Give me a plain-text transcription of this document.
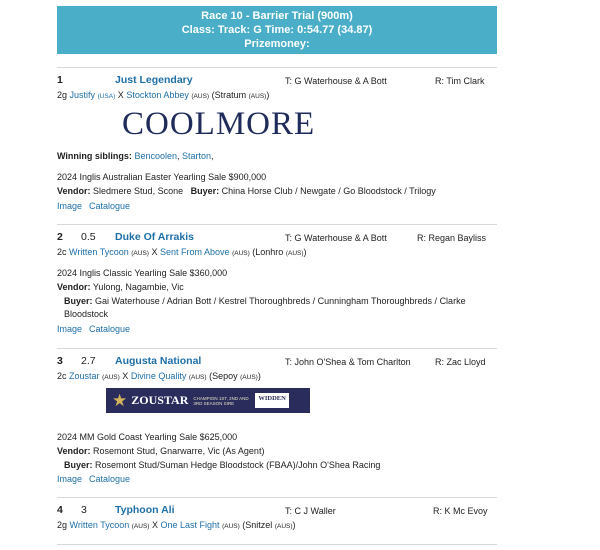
Race 10 - Barrier Trial (900m)
Class: Track: G Time: 0:54.77 (34.87)
Prizemoney:
1	Just Legendary	T: G Waterhouse & A Bott	R: Tim Clark
2g Justify (USA) X Stockton Abbey (AUS) (Stratum (AUS))
COOLMORE
Winning siblings: Bencoolen, Starton,
2024 Inglis Australian Easter Yearling Sale $900,000
Vendor: Sledmere Stud, Scone Buyer: China Horse Club / Newgate / Go Bloodstock / Trilogy
Image Catalogue
2 0.5 Duke Of Arrakis	T: G Waterhouse & A Bott	R: Regan Bayliss
2c Written Tycoon (AUS) X Sent From Above (AUS) (Lonhro (AUS))
2024 Inglis Classic Yearling Sale $360,000
Vendor: Yulong, Nagambie, Vic
Buyer: Gai Waterhouse / Adrian Bott / Kestrel Thoroughbreds / Cunningham Thoroughbreds / Clarke
Bloodstock
Image Catalogue
3 2.7 Augusta National	T: John O'Shea & Tom Charlton	R: Zac Lloyd
2c Zoustar (AUS) X Divine Quality (AUS) (Sepoy (AUS))
★ ZOUSTAR CHAMPION 1ST, 2ND AND 3RD SEASON SIRE
WIDDEN
2024 MM Gold Coast Yearling Sale $625,000
Vendor: Rosemont Stud, Gnarwarre, Vic (As Agent)
Buyer: Rosemont Stud/Suman Hedge Bloodstock (FBAA)/John O'Shea Racing
Image Catalogue
4 3	Typhoon Ali	T: C J Waller	R: K Mc Evoy
2g Written Tycoon (AUS) X One Last Fight (AUS) (Snitzel (AUS))
